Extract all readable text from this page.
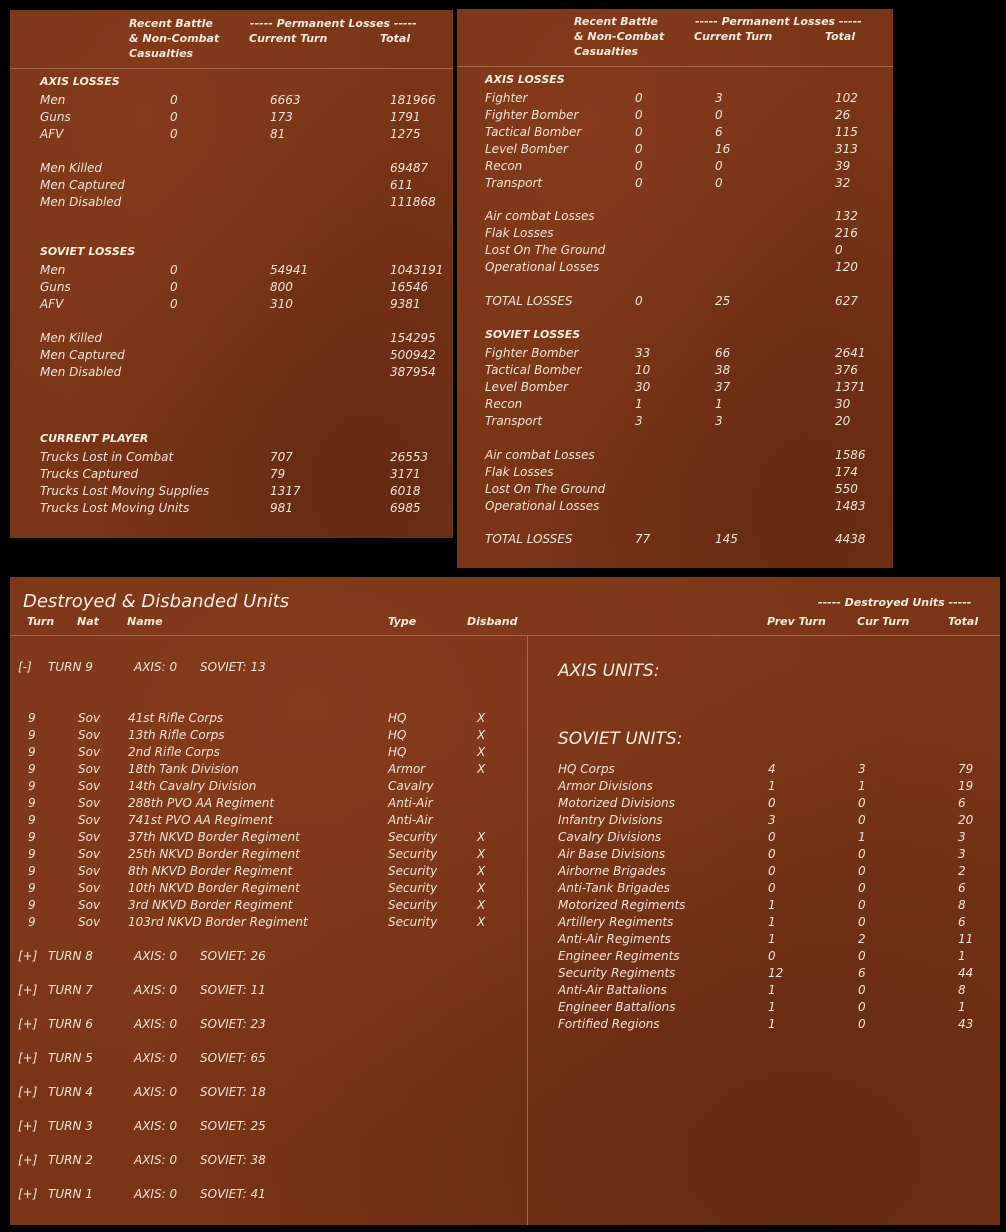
Recent Battle
& Non-Combat
Casualties
----- Permanent Losses -----
Current Turn	Total
AXIS LOSSES
Men	0	6663	181966
Guns	0	173	1791
AFV	0	81	1275
Men Killed	69487
Men Captured	611
Men Disabled	111868
SOVIET LOSSES
Men	0	54941	1043191
Guns	0	800	16546
AFV	0	310	9381
Men Killed	154295
Men Captured	500942
Men Disabled	387954
CURRENT PLAYER
Trucks Lost in Combat	707	26553
Trucks Captured	79	3171
Trucks Lost Moving Supplies	1317	6018
Trucks Lost Moving Units	981	6985
Recent Battle
& Non-Combat
Casualties
----- Permanent Losses -----
Current Turn	Total
AXIS LOSSES
Fighter	0	3	102
Fighter Bomber	0	0	26
Tactical Bomber	0	6	115
Level Bomber	0	16	313
Recon	0	0	39
Transport	0	0	32
Air combat Losses	132
Flak Losses	216
Lost On The Ground	0
Operational Losses	120
TOTAL LOSSES	0	25	627
SOVIET LOSSES
Fighter Bomber	33	66	2641
Tactical Bomber	10	38	376
Level Bomber	30	37	1371
Recon	1	1	30
Transport	3	3	20
Air combat Losses	1586
Flak Losses	174
Lost On The Ground	550
Operational Losses	1483
TOTAL LOSSES	77	145	4438
Destroyed & Disbanded Units
Turn Nat	Name	Type	Disband
----- Destroyed Units -----
Prev Turn	Cur Turn	Total
[-] TURN 9	AXIS: 0 SOVIET: 13
9	Sov 41st Rifle Corps	HQ	X
9	Sov 13th Rifle Corps	HQ	X
9	Sov 2nd Rifle Corps	HQ	X
9	Sov 18th Tank Division	Armor	X
9	Sov 14th Cavalry Division	Cavalry
9	Sov 288th PVO AA Regiment	Anti-Air
9	Sov 741st PVO AA Regiment	Anti-Air
9	Sov 37th NKVD Border Regiment	Security	X
9	Sov 25th NKVD Border Regiment	Security	X
9	Sov 8th NKVD Border Regiment	Security	X
9	Sov 10th NKVD Border Regiment	Security	X
9	Sov 3rd NKVD Border Regiment	Security	X
9	Sov 103rd NKVD Border Regiment	Security	X
[+] TURN 8	AXIS: 0 SOVIET: 26
[+] TURN 7	AXIS: 0 SOVIET: 11
[+] TURN 6	AXIS: 0 SOVIET: 23
[+] TURN 5	AXIS: 0 SOVIET: 65
[+] TURN 4	AXIS: 0 SOVIET: 18
[+] TURN 3	AXIS: 0 SOVIET: 25
[+] TURN 2	AXIS: 0 SOVIET: 38
[+] TURN 1	AXIS: 0 SOVIET: 41
AXIS UNITS:
SOVIET UNITS:
HQ Corps	4	3	79
Armor Divisions	1	1	19
Motorized Divisions	0	0	6
Infantry Divisions	3	0	20
Cavalry Divisions	0	1	3
Air Base Divisions	0	0	3
Airborne Brigades	0	0	2
Anti-Tank Brigades	0	0	6
Motorized Regiments	1	0	8
Artillery Regiments	1	0	6
Anti-Air Regiments	1	2	11
Engineer Regiments	0	0	1
Security Regiments	12	6	44
Anti-Air Battalions	1	0	8
Engineer Battalions	1	0	1
Fortified Regions	1	0	43
